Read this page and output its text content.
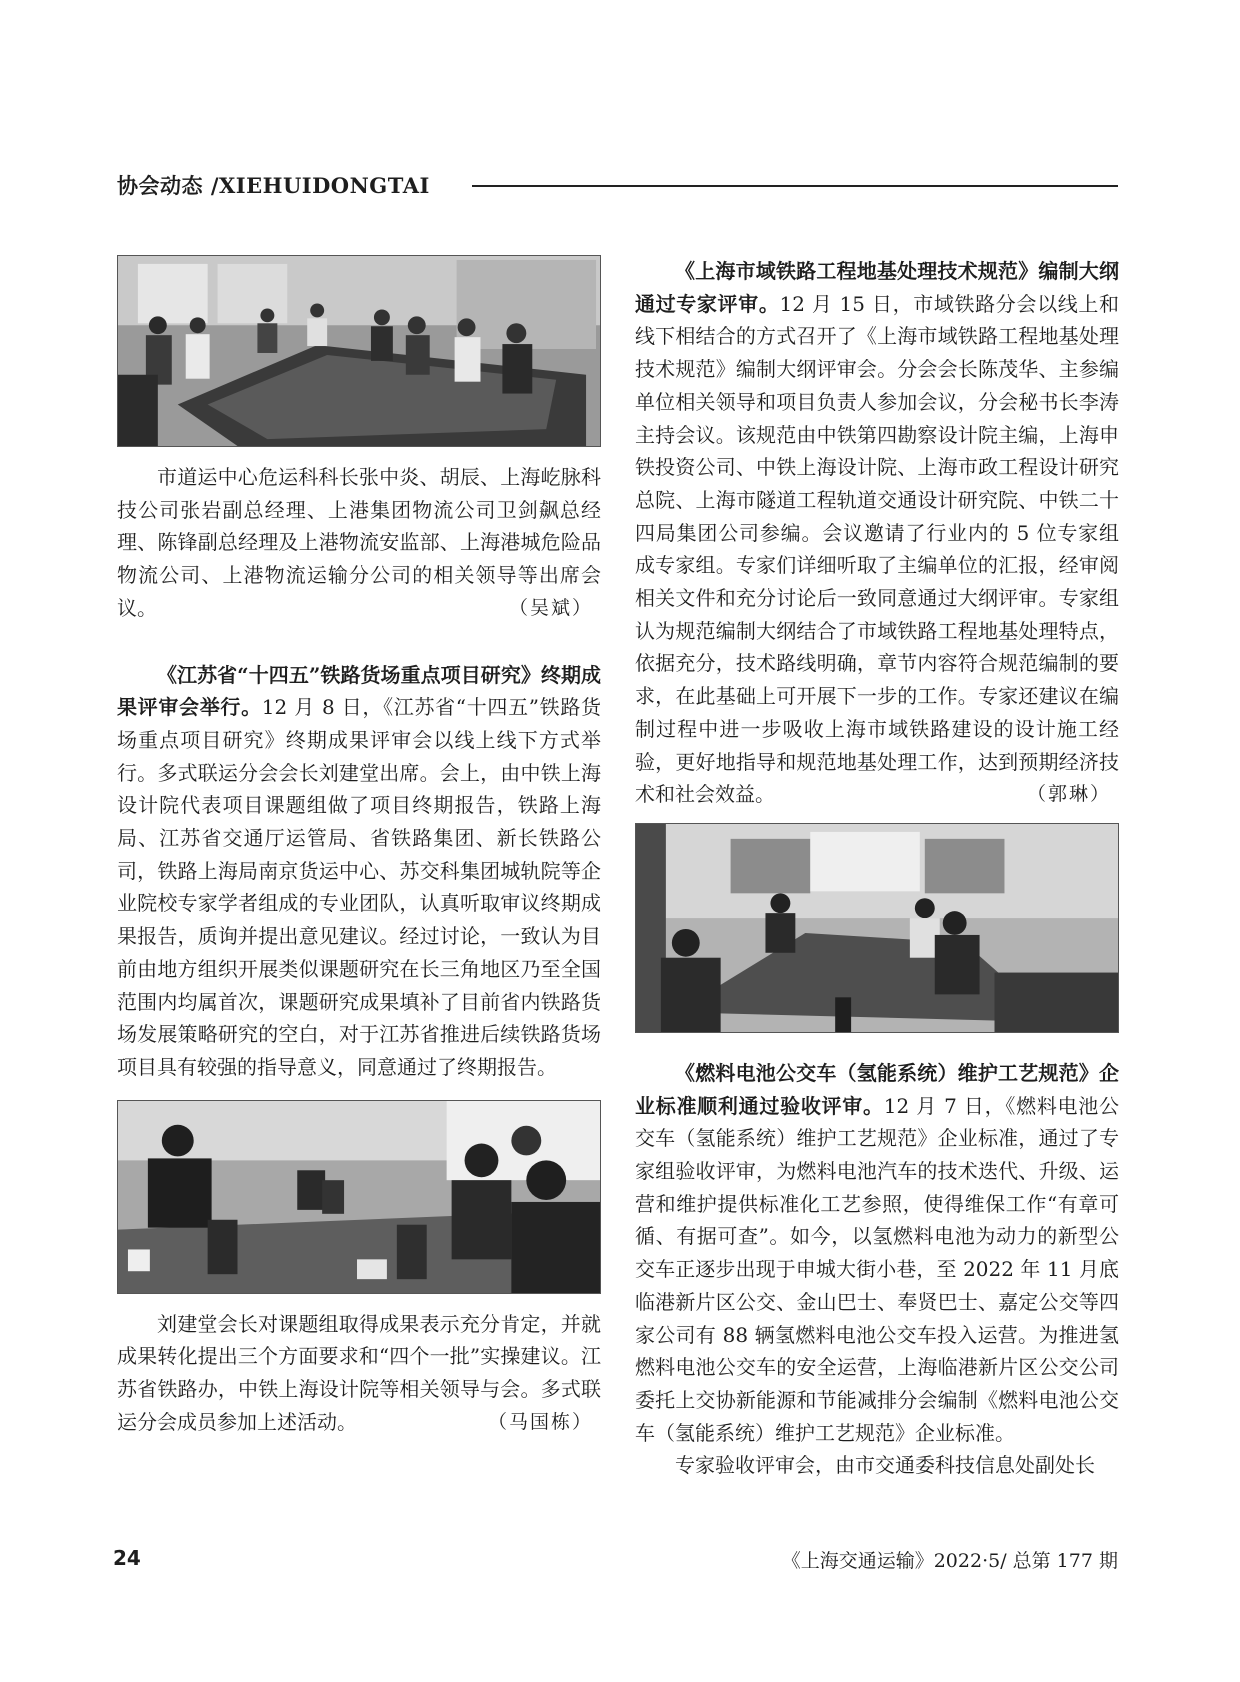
协会动态 /XIEHUIDONGTAI

市道运中心危运科科长张中炎、胡辰、上海屹脉科技公司张岩副总经理、上港集团物流公司卫剑飙总经理、陈锋副总经理及上港物流安监部、上海港城危险品物流公司、上港物流运输分公司的相关领导等出席会议。	（吴斌）

《江苏省“十四五”铁路货场重点项目研究》终期成果评审会举行。12 月 8 日，《江苏省“十四五”铁路货场重点项目研究》终期成果评审会以线上线下方式举行。多式联运分会会长刘建堂出席。会上，由中铁上海设计院代表项目课题组做了项目终期报告，铁路上海局、江苏省交通厅运管局、省铁路集团、新长铁路公司，铁路上海局南京货运中心、苏交科集团城轨院等企业院校专家学者组成的专业团队，认真听取审议终期成果报告，质询并提出意见建议。经过讨论，一致认为目前由地方组织开展类似课题研究在长三角地区乃至全国范围内均属首次，课题研究成果填补了目前省内铁路货场发展策略研究的空白，对于江苏省推进后续铁路货场项目具有较强的指导意义，同意通过了终期报告。

刘建堂会长对课题组取得成果表示充分肯定，并就成果转化提出三个方面要求和“四个一批”实操建议。江苏省铁路办，中铁上海设计院等相关领导与会。多式联运分会成员参加上述活动。	（马国栋）

《上海市域铁路工程地基处理技术规范》编制大纲通过专家评审。12 月 15 日，市域铁路分会以线上和线下相结合的方式召开了《上海市域铁路工程地基处理技术规范》编制大纲评审会。分会会长陈茂华、主参编单位相关领导和项目负责人参加会议，分会秘书长李涛主持会议。该规范由中铁第四勘察设计院主编，上海申铁投资公司、中铁上海设计院、上海市政工程设计研究总院、上海市隧道工程轨道交通设计研究院、中铁二十四局集团公司参编。会议邀请了行业内的 5 位专家组成专家组。专家们详细听取了主编单位的汇报，经审阅相关文件和充分讨论后一致同意通过大纲评审。专家组认为规范编制大纲结合了市域铁路工程地基处理特点，依据充分，技术路线明确，章节内容符合规范编制的要求，在此基础上可开展下一步的工作。专家还建议在编制过程中进一步吸收上海市域铁路建设的设计施工经验，更好地指导和规范地基处理工作，达到预期经济技术和社会效益。	（郭琳）

《燃料电池公交车（氢能系统）维护工艺规范》企业标准顺利通过验收评审。12 月 7 日，《燃料电池公交车（氢能系统）维护工艺规范》企业标准，通过了专家组验收评审，为燃料电池汽车的技术迭代、升级、运营和维护提供标准化工艺参照，使得维保工作“有章可循、有据可查”。如今，以氢燃料电池为动力的新型公交车正逐步出现于申城大街小巷，至 2022 年 11 月底临港新片区公交、金山巴士、奉贤巴士、嘉定公交等四家公司有 88 辆氢燃料电池公交车投入运营。为推进氢燃料电池公交车的安全运营，上海临港新片区公交公司委托上交协新能源和节能减排分会编制《燃料电池公交车（氢能系统）维护工艺规范》企业标准。

专家验收评审会，由市交通委科技信息处副处长

24	《上海交通运输》2022·5/ 总第 177 期
